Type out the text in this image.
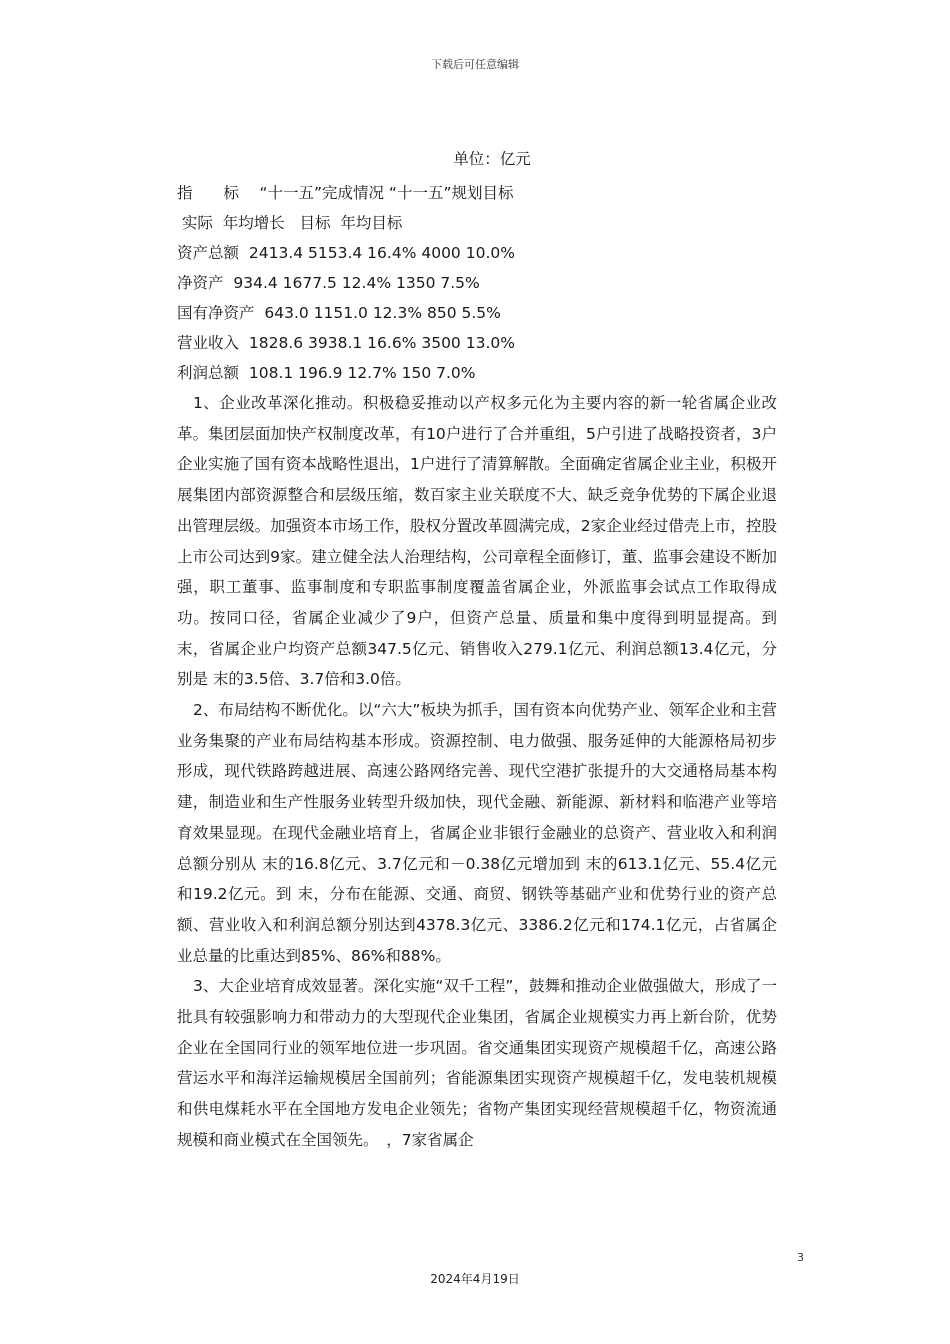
下载后可任意编辑
单位：亿元
指　　标　 “十一五”完成情况 “十一五”规划目标
实际  年均增长   目标  年均目标
资产总额  2413.4 5153.4 16.4% 4000 10.0%
净资产  934.4 1677.5 12.4% 1350 7.5%
国有净资产  643.0 1151.0 12.3% 850 5.5%
营业收入  1828.6 3938.1 16.6% 3500 13.0%
利润总额  108.1 196.9 12.7% 150 7.0%

1、企业改革深化推动。积极稳妥推动以产权多元化为主要内容的新一轮省属企业改革。集团层面加快产权制度改革，有10户进行了合并重组，5户引进了战略投资者，3户企业实施了国有资本战略性退出，1户进行了清算解散。全面确定省属企业主业，积极开展集团内部资源整合和层级压缩，数百家主业关联度不大、缺乏竞争优势的下属企业退出管理层级。加强资本市场工作，股权分置改革圆满完成，2家企业经过借壳上市，控股上市公司达到9家。建立健全法人治理结构，公司章程全面修订，董、监事会建设不断加强，职工董事、监事制度和专职监事制度覆盖省属企业，外派监事会试点工作取得成功。按同口径，省属企业减少了9户，但资产总量、质量和集中度得到明显提高。到 末，省属企业户均资产总额347.5亿元、销售收入279.1亿元、利润总额13.4亿元，分别是 末的3.5倍、3.7倍和3.0倍。

2、布局结构不断优化。以“六大”板块为抓手，国有资本向优势产业、领军企业和主营业务集聚的产业布局结构基本形成。资源控制、电力做强、服务延伸的大能源格局初步形成，现代铁路跨越进展、高速公路网络完善、现代空港扩张提升的大交通格局基本构建，制造业和生产性服务业转型升级加快，现代金融、新能源、新材料和临港产业等培育效果显现。在现代金融业培育上，省属企业非银行金融业的总资产、营业收入和利润总额分别从 末的16.8亿元、3.7亿元和－0.38亿元增加到 末的613.1亿元、55.4亿元和19.2亿元。到 末，分布在能源、交通、商贸、钢铁等基础产业和优势行业的资产总额、营业收入和利润总额分别达到4378.3亿元、3386.2亿元和174.1亿元，占省属企业总量的比重达到85%、86%和88%。

3、大企业培育成效显著。深化实施“双千工程”，鼓舞和推动企业做强做大，形成了一批具有较强影响力和带动力的大型现代企业集团，省属企业规模实力再上新台阶，优势企业在全国同行业的领军地位进一步巩固。省交通集团实现资产规模超千亿，高速公路营运水平和海洋运输规模居全国前列；省能源集团实现资产规模超千亿，发电装机规模和供电煤耗水平在全国地方发电企业领先；省物产集团实现经营规模超千亿，物资流通规模和商业模式在全国领先。　，7家省属企

3
2024年4月19日
